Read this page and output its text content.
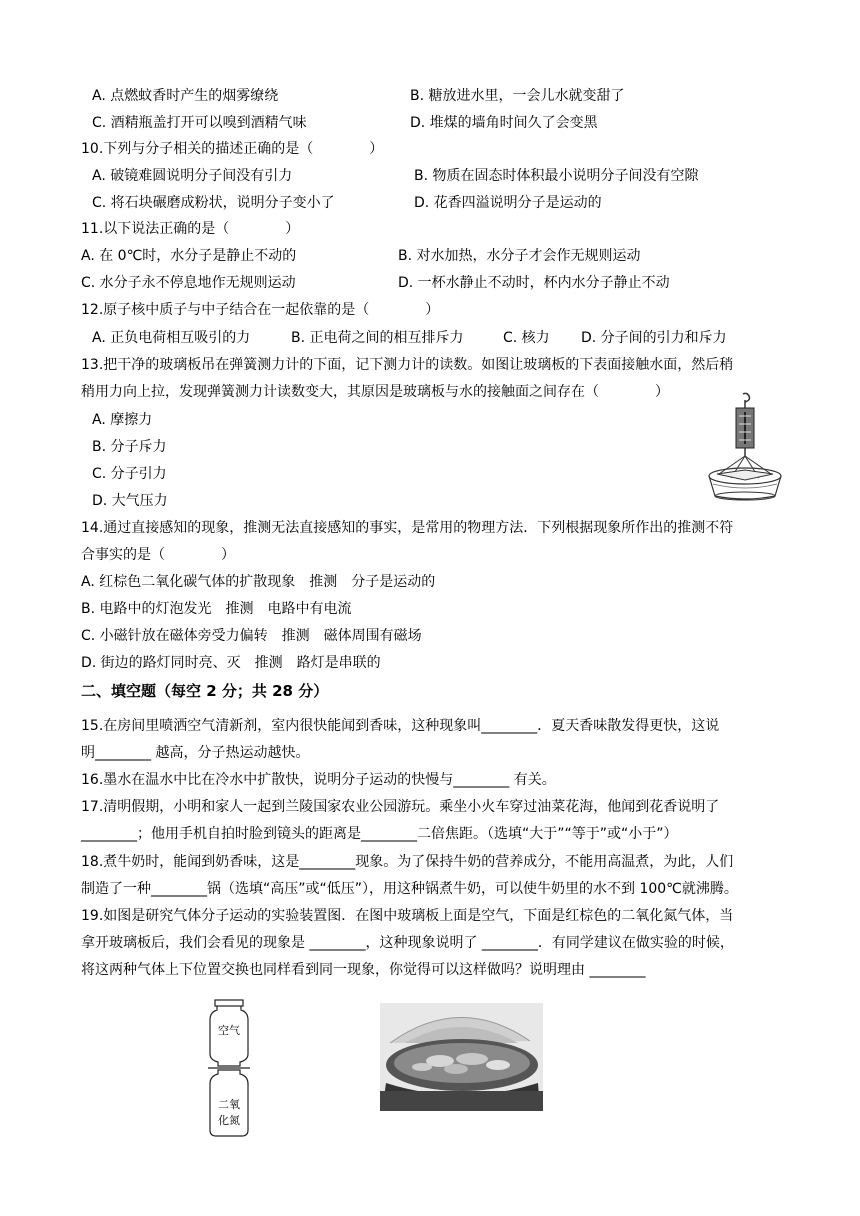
A. 点燃蚊香时产生的烟雾缭绕	B. 糖放进水里，一会儿水就变甜了
C. 酒精瓶盖打开可以嗅到酒精气味	D. 堆煤的墙角时间久了会变黑
10.下列与分子相关的描述正确的是（　　　　）
A. 破镜难圆说明分子间没有引力	B. 物质在固态时体积最小说明分子间没有空隙
C. 将石块碾磨成粉状，说明分子变小了	D. 花香四溢说明分子是运动的
11.以下说法正确的是（　　　　）
A. 在 0℃时，水分子是静止不动的	B. 对水加热，水分子才会作无规则运动
C. 水分子永不停息地作无规则运动	D. 一杯水静止不动时，杯内水分子静止不动
12.原子核中质子与中子结合在一起依靠的是（　　　　）
A. 正负电荷相互吸引的力	B. 正电荷之间的相互排斥力	C. 核力 D. 分子间的引力和斥力
13.把干净的玻璃板吊在弹簧测力计的下面，记下测力计的读数。如图让玻璃板的下表面接触水面，然后稍
稍用力向上拉，发现弹簧测力计读数变大，其原因是玻璃板与水的接触面之间存在（　　　　）
A. 摩擦力
B. 分子斥力
C. 分子引力
D. 大气压力
14.通过直接感知的现象，推测无法直接感知的事实，是常用的物理方法．下列根据现象所作出的推测不符
合事实的是（　　　　）
A. 红棕色二氧化碳气体的扩散现象　推测　分子是运动的
B. 电路中的灯泡发光　推测　电路中有电流
C. 小磁针放在磁体旁受力偏转　推测　磁体周围有磁场
D. 街边的路灯同时亮、灭　推测　路灯是串联的
二、填空题（每空 2 分；共 28 分）
15.在房间里喷洒空气清新剂，室内很快能闻到香味，这种现象叫________．夏天香味散发得更快，这说
明________ 越高，分子热运动越快。
16.墨水在温水中比在冷水中扩散快，说明分子运动的快慢与________ 有关。
17.清明假期，小明和家人一起到兰陵国家农业公园游玩。乘坐小火车穿过油菜花海，他闻到花香说明了
________；他用手机自拍时脸到镜头的距离是________二倍焦距。（选填“大于”“等于”或“小于”）
18.煮牛奶时，能闻到奶香味，这是________现象。为了保持牛奶的营养成分，不能用高温煮，为此，人们
制造了一种________锅（选填“高压”或“低压”），用这种锅煮牛奶，可以使牛奶里的水不到 100℃就沸腾。
19.如图是研究气体分子运动的实验装置图．在图中玻璃板上面是空气，下面是红棕色的二氧化氮气体，当
拿开玻璃板后，我们会看见的现象是 ________，这种现象说明了 ________．有同学建议在做实验的时候，
将这两种气体上下位置交换也同样看到同一现象，你觉得可以这样做吗？说明理由 ________
空气
二氧
化氮
